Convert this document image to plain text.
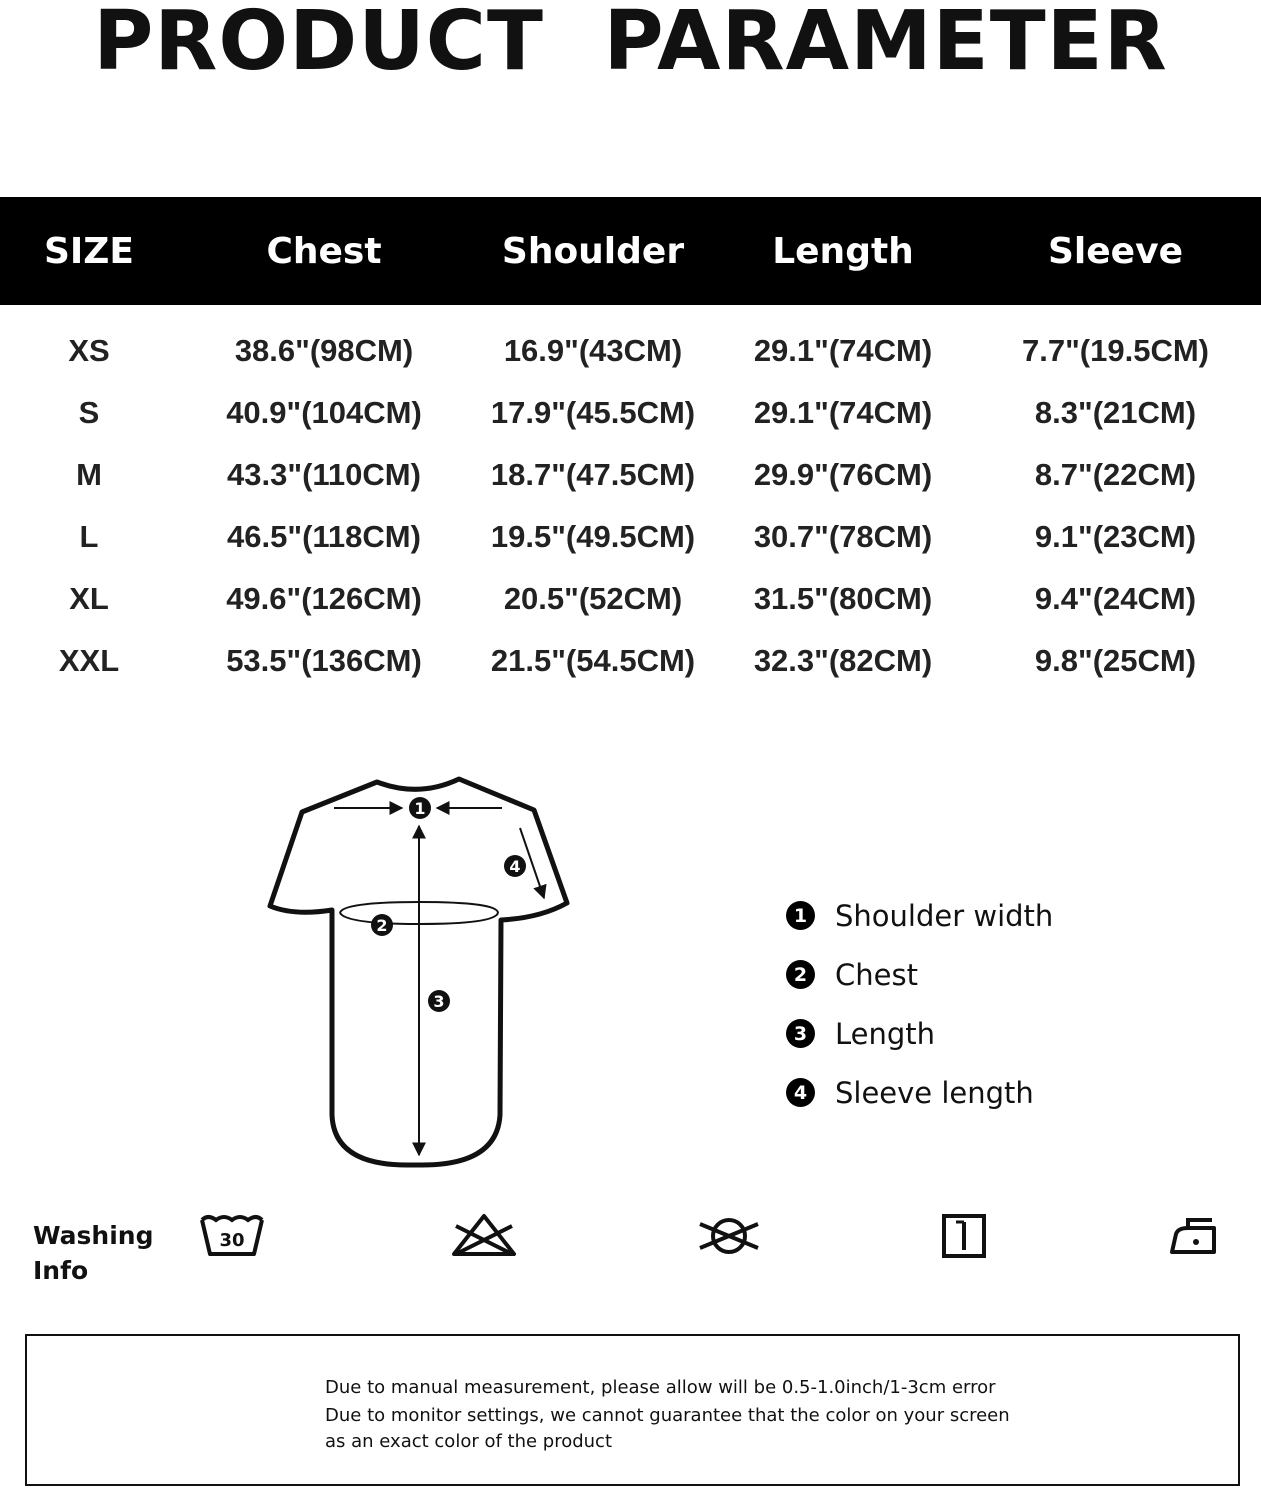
PRODUCT PARAMETER
SIZE	Chest	Shoulder	Length	Sleeve
XS	38.6"(98CM)	16.9"(43CM)	29.1"(74CM)	7.7"(19.5CM)
S	40.9"(104CM)	17.9"(45.5CM)	29.1"(74CM)	8.3"(21CM)
M	43.3"(110CM)	18.7"(47.5CM)	29.9"(76CM)	8.7"(22CM)
L	46.5"(118CM)	19.5"(49.5CM)	30.7"(78CM)	9.1"(23CM)
XL	49.6"(126CM)	20.5"(52CM)	31.5"(80CM)	9.4"(24CM)
XXL	53.5"(136CM)	21.5"(54.5CM)	32.3"(82CM)	9.8"(25CM)
1
2
3
4
1 Shoulder width
2 Chest
3 Length
4 Sleeve length
Washing
Info
30
Due to manual measurement, please allow will be 0.5-1.0inch/1-3cm error
Due to monitor settings, we cannot guarantee that the color on your screen
as an exact color of the product
